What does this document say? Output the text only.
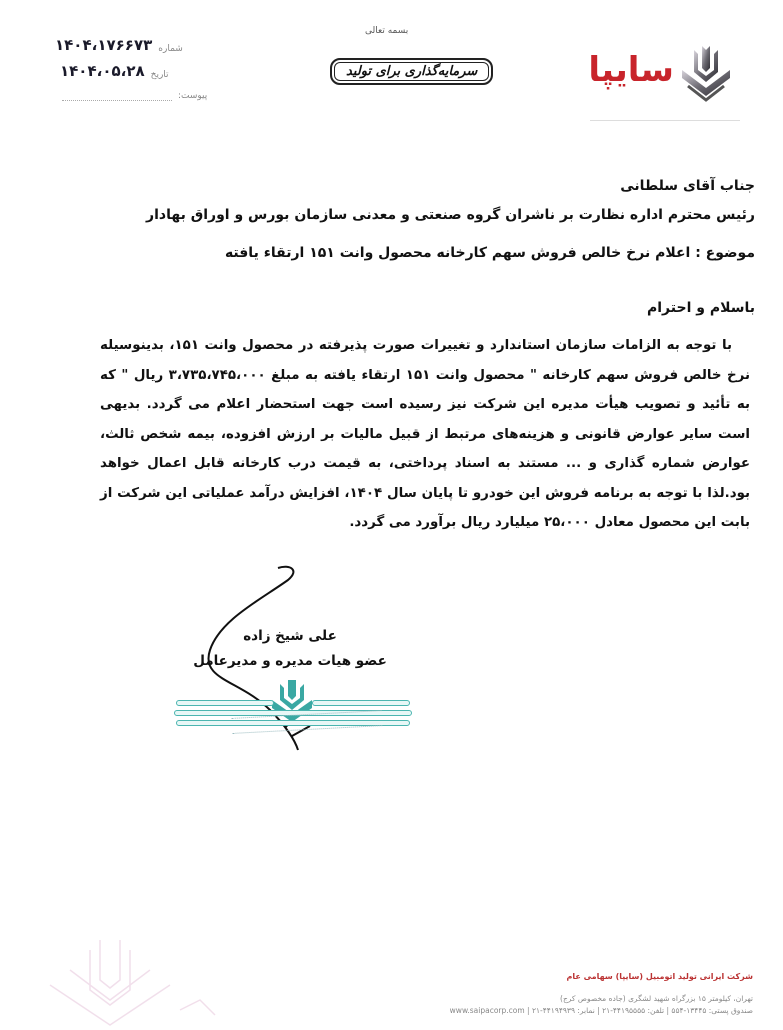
شماره
۱۴۰۴،۱۷۶۶۷۳
تاریخ
۱۴۰۴،۰۵،۲۸
پیوست:
بسمه تعالی
سرمایه‌گذاری برای تولید	سایپا
جناب آقای سلطانی
رئیس محترم اداره نظارت بر ناشران گروه صنعتی و معدنی سازمان بورس و اوراق بهادار
موضوع : اعلام نرخ خالص فروش سهم کارخانه محصول وانت ۱۵۱ ارتقاء یافته
باسلام و احترام
با توجه به الزامات سازمان استاندارد و تغییرات صورت پذیرفته در محصول وانت ۱۵۱، بدینوسیله نرخ خالص فروش سهم کارخانه " محصول وانت ۱۵۱ ارتقاء یافته به مبلغ ۳،۷۳۵،۷۴۵،۰۰۰ ریال " که به تأئید و تصویب هیأت مدیره این شرکت نیز رسیده است جهت استحضار اعلام می گردد. بدیهی است سایر عوارض قانونی و هزینه‌های مرتبط از قبیل مالیات بر ارزش افزوده، بیمه شخص ثالث، عوارض شماره گذاری و ... مستند به اسناد پرداختی، به قیمت درب کارخانه قابل اعمال خواهد بود.لذا با توجه به برنامه فروش این خودرو تا پایان سال ۱۴۰۴، افزایش درآمد عملیاتی این شرکت از بابت این محصول معادل ۲۵،۰۰۰ میلیارد ریال برآورد می گردد.
علی شیخ زاده
عضو هیات مدیره و مدیرعامل
شرکت ایرانی تولید اتومبیل (سایپا) سهامی عام
تهران، کیلومتر ۱۵ بزرگراه شهید لشگری (جاده مخصوص کرج)
صندوق پستی: ۱۳۴۴۵-۵۵۴ | تلفن: ۴۴۱۹۵۵۵۵-۲۱ | نمابر: ۴۴۱۹۴۹۳۹-۲۱ | www.saipacorp.com
